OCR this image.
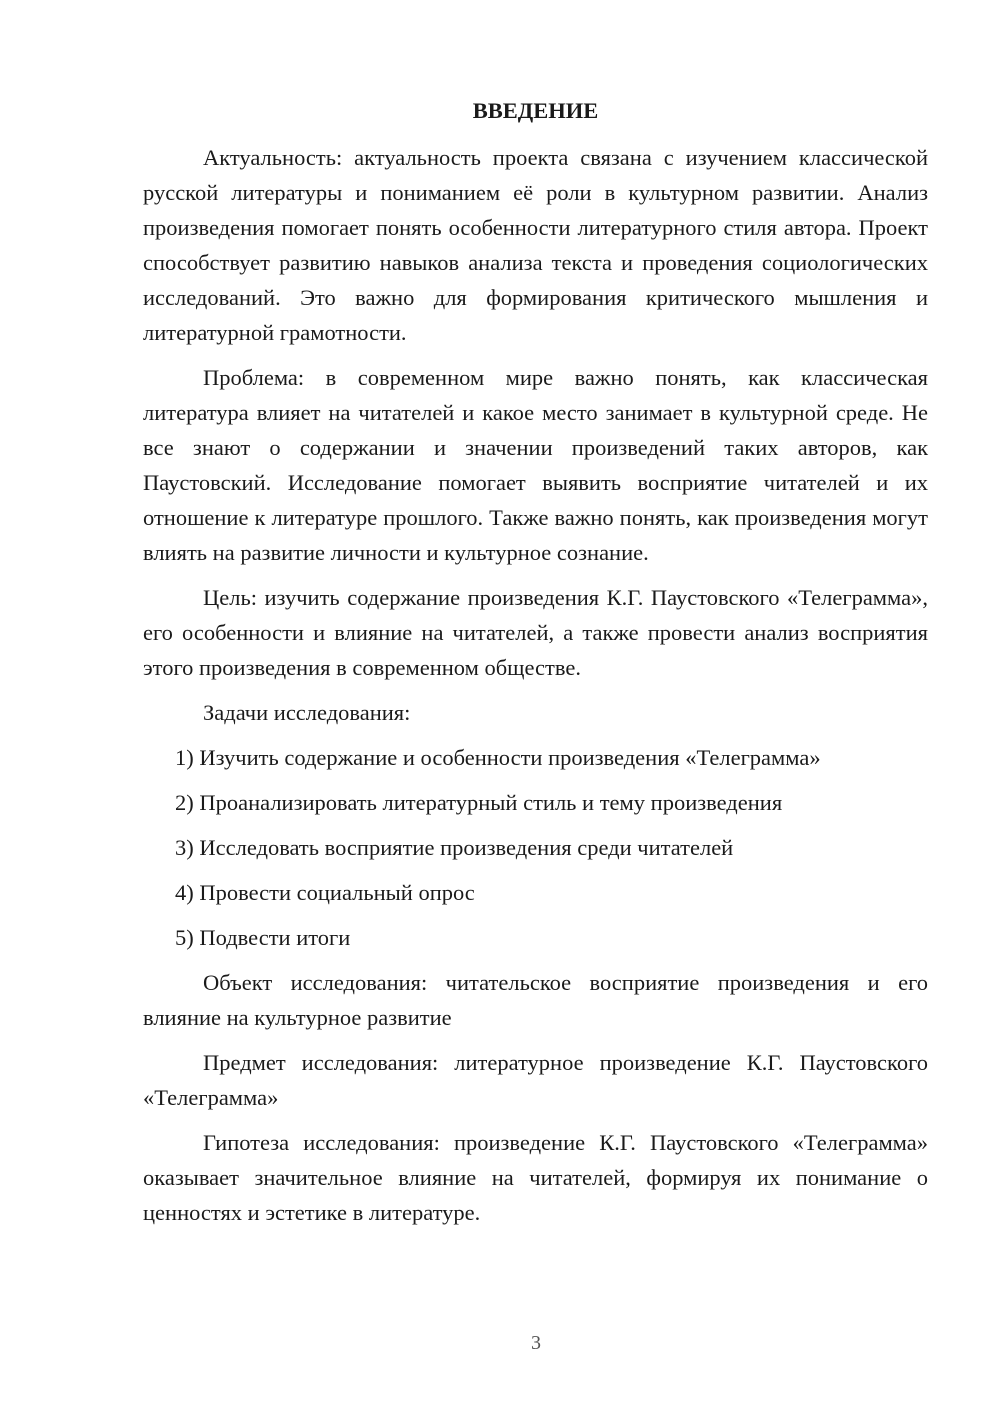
ВВЕДЕНИЕ

Актуальность: актуальность проекта связана с изучением классической русской литературы и пониманием её роли в культурном развитии. Анализ произведения помогает понять особенности литературного стиля автора. Проект способствует развитию навыков анализа текста и проведения социологических исследований. Это важно для формирования критического мышления и литературной грамотности.

Проблема: в современном мире важно понять, как классическая литература влияет на читателей и какое место занимает в культурной среде. Не все знают о содержании и значении произведений таких авторов, как Паустовский. Исследование помогает выявить восприятие читателей и их отношение к литературе прошлого. Также важно понять, как произведения могут влиять на развитие личности и культурное сознание.

Цель: изучить содержание произведения К.Г. Паустовского «Телеграмма», его особенности и влияние на читателей, а также провести анализ восприятия этого произведения в современном обществе.

Задачи исследования:

1) Изучить содержание и особенности произведения «Телеграмма»
2) Проанализировать литературный стиль и тему произведения
3) Исследовать восприятие произведения среди читателей
4) Провести социальный опрос
5) Подвести итоги

Объект исследования: читательское восприятие произведения и его влияние на культурное развитие

Предмет исследования: литературное произведение К.Г. Паустовского «Телеграмма»

Гипотеза исследования: произведение К.Г. Паустовского «Телеграмма» оказывает значительное влияние на читателей, формируя их понимание о ценностях и эстетике в литературе.

3
